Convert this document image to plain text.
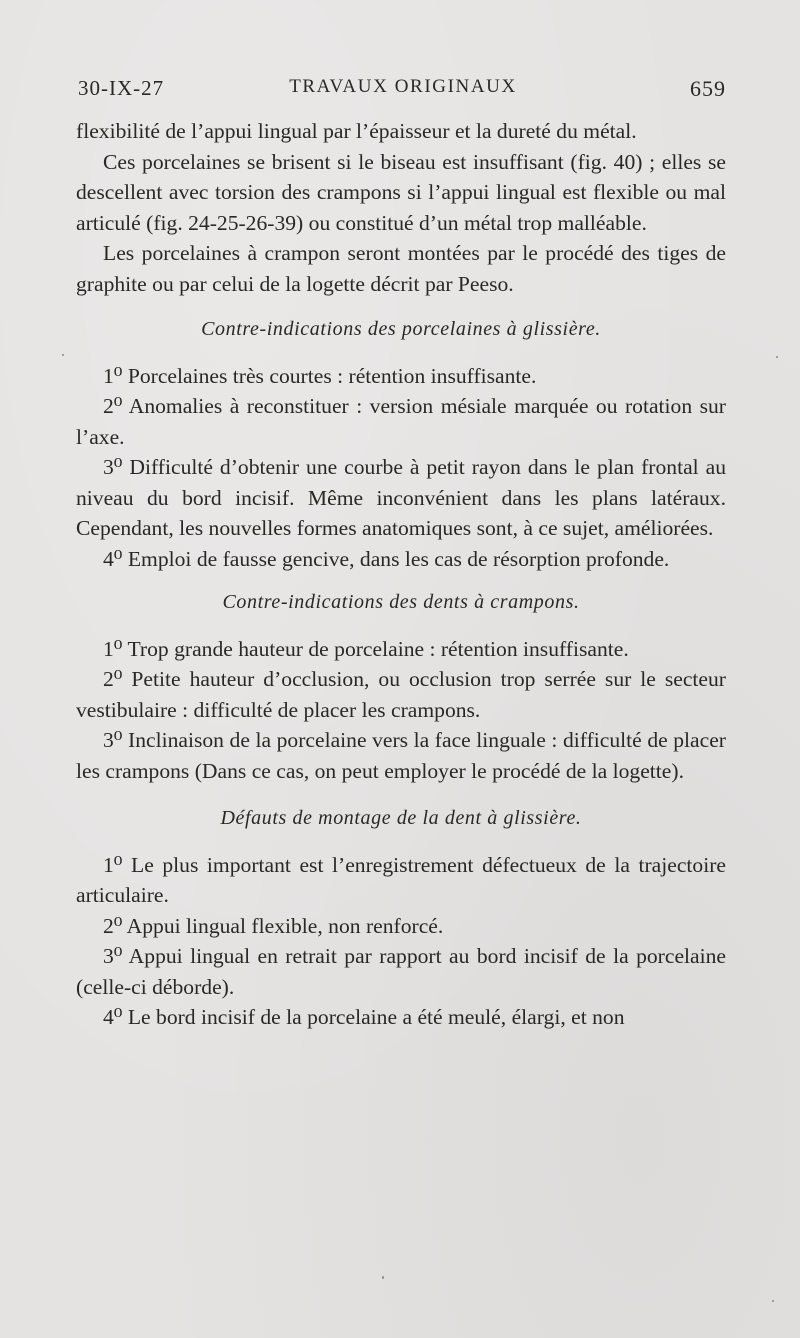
30-IX-27	TRAVAUX ORIGINAUX	659

flexibilité de l’appui lingual par l’épaisseur et la dureté du métal.

Ces porcelaines se brisent si le biseau est insuffisant (fig. 40) ; elles se descellent avec torsion des crampons si l’appui lingual est flexible ou mal articulé (fig. 24-25-26-39) ou constitué d’un métal trop malléable.

Les porcelaines à crampon seront montées par le procédé des tiges de graphite ou par celui de la logette décrit par Peeso.

Contre-indications des porcelaines à glissière.

1⁰ Porcelaines très courtes : rétention insuffisante.

2⁰ Anomalies à reconstituer : version mésiale marquée ou rotation sur l’axe.

3⁰ Difficulté d’obtenir une courbe à petit rayon dans le plan frontal au niveau du bord incisif. Même inconvénient dans les plans latéraux. Cependant, les nouvelles formes anatomiques sont, à ce sujet, améliorées.

4⁰ Emploi de fausse gencive, dans les cas de résorption profonde.

Contre-indications des dents à crampons.

1⁰ Trop grande hauteur de porcelaine : rétention insuffisante.

2⁰ Petite hauteur d’occlusion, ou occlusion trop serrée sur le secteur vestibulaire : difficulté de placer les crampons.

3⁰ Inclinaison de la porcelaine vers la face linguale : difficulté de placer les crampons (Dans ce cas, on peut employer le procédé de la logette).

Défauts de montage de la dent à glissière.

1⁰ Le plus important est l’enregistrement défectueux de la trajectoire articulaire.

2⁰ Appui lingual flexible, non renforcé.

3⁰ Appui lingual en retrait par rapport au bord incisif de la porcelaine (celle-ci déborde).

4⁰ Le bord incisif de la porcelaine a été meulé, élargi, et non
